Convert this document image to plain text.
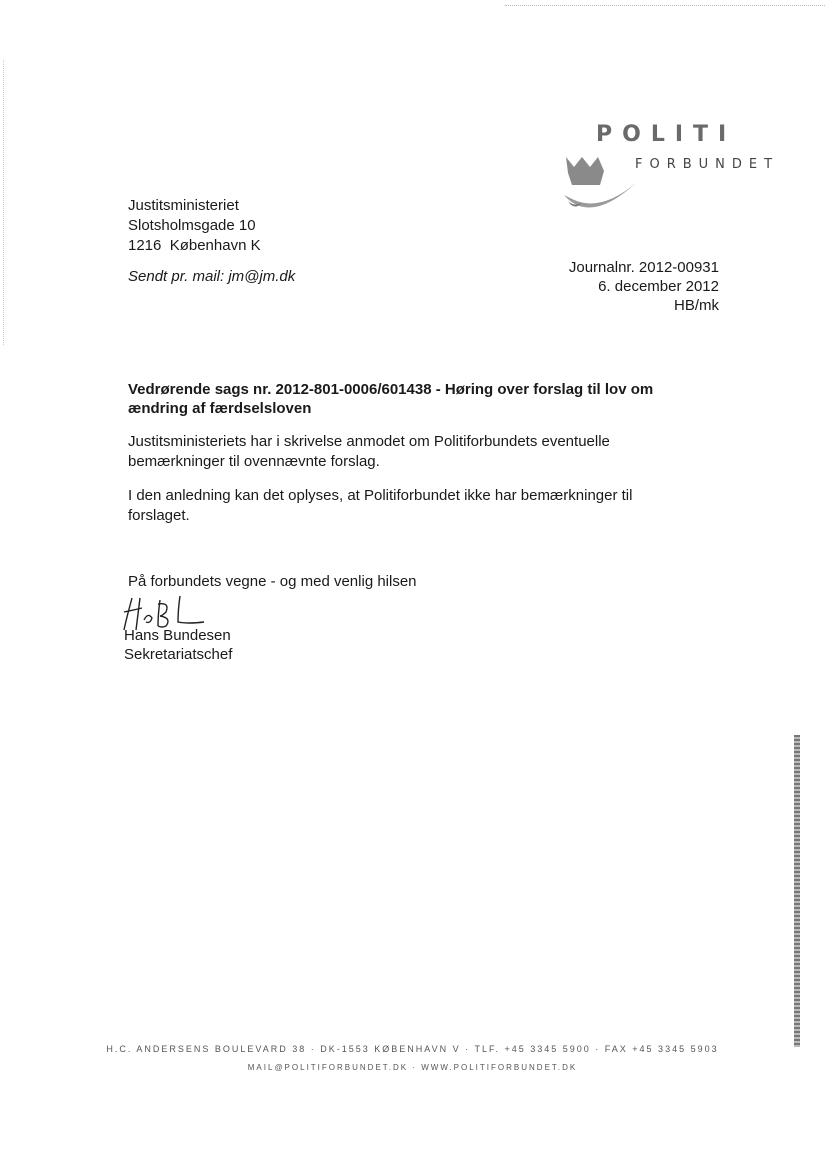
POLITI
FORBUNDET
Justitsministeriet
Slotsholmsgade 10
1216  København K
Sendt pr. mail: jm@jm.dk
Journalnr. 2012-00931
6. december 2012
HB/mk
Vedrørende sags nr. 2012-801-0006/601438 - Høring over forslag til lov om ændring af færdselsloven
Justitsministeriets har i skrivelse anmodet om Politiforbundets eventuelle bemærkninger til ovennævnte forslag.
I den anledning kan det oplyses, at Politiforbundet ikke har bemærkninger til forslaget.
På forbundets vegne - og med venlig hilsen
Hans Bundesen
Sekretariatschef
H.C. ANDERSENS BOULEVARD 38 · DK-1553 KØBENHAVN V · TLF. +45 3345 5900 · FAX +45 3345 5903
MAIL@POLITIFORBUNDET.DK · WWW.POLITIFORBUNDET.DK
